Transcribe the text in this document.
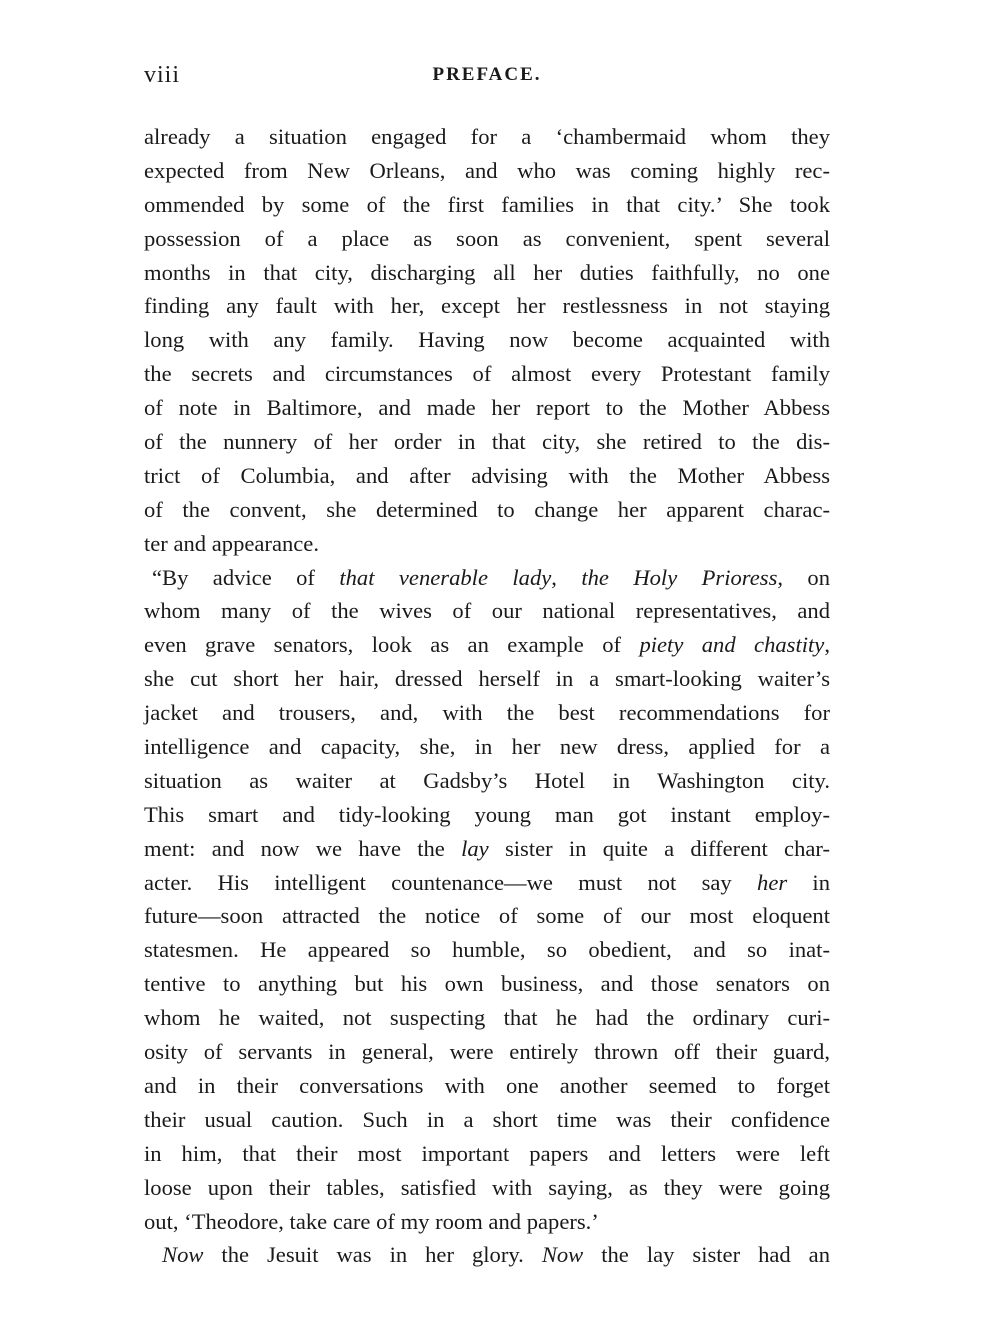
viii	PREFACE.
already a situation engaged for a ‘chambermaid whom they
expected from New Orleans, and who was coming highly rec-
ommended by some of the first families in that city.’ She took
possession of a place as soon as convenient, spent several
months in that city, discharging all her duties faithfully, no one
finding any fault with her, except her restlessness in not staying
long with any family. Having now become acquainted with
the secrets and circumstances of almost every Protestant family
of note in Baltimore, and made her report to the Mother Abbess
of the nunnery of her order in that city, she retired to the dis-
trict of Columbia, and after advising with the Mother Abbess
of the convent, she determined to change her apparent charac-
ter and appearance.
“By advice of that venerable lady, the Holy Prioress, on
whom many of the wives of our national representatives, and
even grave senators, look as an example of piety and chastity,
she cut short her hair, dressed herself in a smart-looking waiter’s
jacket and trousers, and, with the best recommendations for
intelligence and capacity, she, in her new dress, applied for a
situation as waiter at Gadsby’s Hotel in Washington city.
This smart and tidy-looking young man got instant employ-
ment: and now we have the lay sister in quite a different char-
acter. His intelligent countenance—we must not say her in
future—soon attracted the notice of some of our most eloquent
statesmen. He appeared so humble, so obedient, and so inat-
tentive to anything but his own business, and those senators on
whom he waited, not suspecting that he had the ordinary curi-
osity of servants in general, were entirely thrown off their guard,
and in their conversations with one another seemed to forget
their usual caution. Such in a short time was their confidence
in him, that their most important papers and letters were left
loose upon their tables, satisfied with saying, as they were going
out, ‘Theodore, take care of my room and papers.’
Now the Jesuit was in her glory. Now the lay sister had an
